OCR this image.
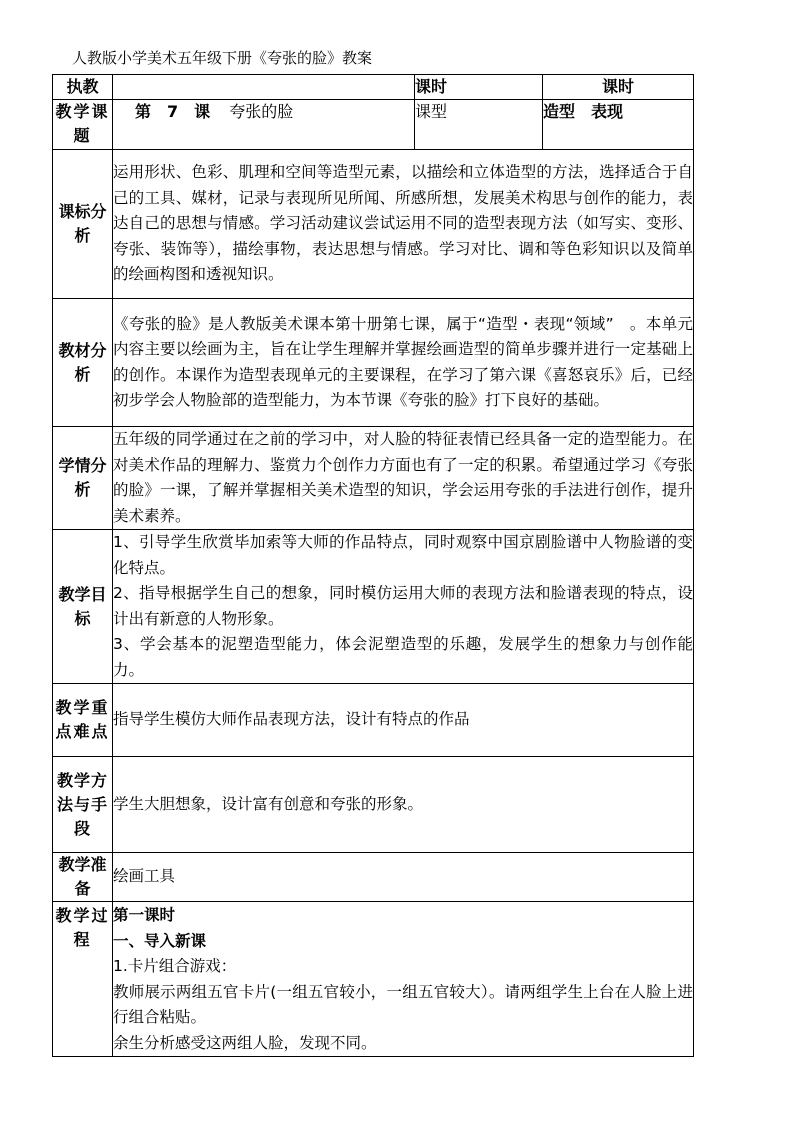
人教版小学美术五年级下册《夸张的脸》教案
执教		课时	课时
教学课题	第　7　课 夸张的脸	课型	造型　表现
课标分析	运用形状、色彩、肌理和空间等造型元素，以描绘和立体造型的方法，选择适合于自己的工具、媒材，记录与表现所见所闻、所感所想，发展美术构思与创作的能力，表达自己的思想与情感。学习活动建议尝试运用不同的造型表现方法（如写实、变形、夸张、装饰等），描绘事物，表达思想与情感。学习对比、调和等色彩知识以及简单的绘画构图和透视知识。		
教材分析	《夸张的脸》是人教版美术课本第十册第七课，属于“造型・表现“领域”　。本单元内容主要以绘画为主，旨在让学生理解并掌握绘画造型的简单步骤并进行一定基础上的创作。本课作为造型表现单元的主要课程，在学习了第六课《喜怒哀乐》后，已经初步学会人物脸部的造型能力，为本节课《夸张的脸》打下良好的基础。		
学情分析	五年级的同学通过在之前的学习中，对人脸的特征表情已经具备一定的造型能力。在对美术作品的理解力、鉴赏力个创作力方面也有了一定的积累。希望通过学习《夸张的脸》一课，了解并掌握相关美术造型的知识，学会运用夸张的手法进行创作，提升美术素养。		
教学目标	1、引导学生欣赏毕加索等大师的作品特点，同时观察中国京剧脸谱中人物脸谱的变化特点。
2、指导根据学生自己的想象，同时模仿运用大师的表现方法和脸谱表现的特点，设计出有新意的人物形象。
3、学会基本的泥塑造型能力，体会泥塑造型的乐趣，发展学生的想象力与创作能力。		

教学重点难点	指导学生模仿大师作品表现方法，设计有特点的作品		
教学方法与手段	学生大胆想象，设计富有创意和夸张的形象。		
教学准备	绘画工具		
教学过程	第一课时
一、导入新课
1.卡片组合游戏：
教师展示两组五官卡片(一组五官较小，一组五官较大）。请两组学生上台在人脸上进行组合粘贴。
余生分析感受这两组人脸，发现不同。		
